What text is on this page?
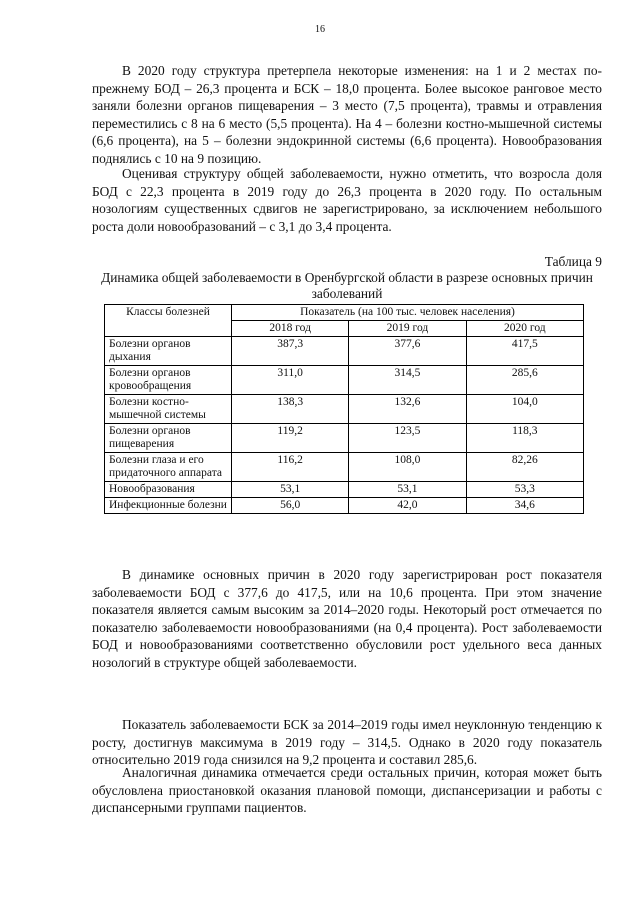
16

В 2020 году структура претерпела некоторые изменения: на 1 и 2 местах по-прежнему БОД – 26,3 процента и БСК – 18,0 процента. Более высокое ранговое место заняли болезни органов пищеварения – 3 место (7,5 процента), травмы и отравления переместились с 8 на 6 место (5,5 процента). На 4 – болезни костно-мышечной системы (6,6 процента), на 5 – болезни эндокринной системы (6,6 процента). Новообразования поднялись с 10 на 9 позицию.

Оценивая структуру общей заболеваемости, нужно отметить, что возросла доля БОД с 22,3 процента в 2019 году до 26,3 процента в 2020 году. По остальным нозологиям существенных сдвигов не зарегистрировано, за исключением небольшого роста доли новообразований – с 3,1 до 3,4 процента.

Таблица 9
Динамика общей заболеваемости в Оренбургской области в разрезе основных причин заболеваний
Классы болезней	Показатель (на 100 тыс. человек населения)		
	2018 год	2019 год	2020 год
Болезни органов дыхания	387,3	377,6	417,5
Болезни органов кровообращения	311,0	314,5	285,6
Болезни костно-мышечной системы	138,3	132,6	104,0
Болезни органов пищеварения	119,2	123,5	118,3
Болезни глаза и его придаточного аппарата	116,2	108,0	82,26
Новообразования	53,1	53,1	53,3
Инфекционные болезни	56,0	42,0	34,6

В динамике основных причин в 2020 году зарегистрирован рост показателя заболеваемости БОД с 377,6 до 417,5, или на 10,6 процента. При этом значение показателя является самым высоким за 2014–2020 годы. Некоторый рост отмечается по показателю заболеваемости новообразованиями (на 0,4 процента). Рост заболеваемости БОД и новообразованиями соответственно обусловили рост удельного веса данных нозологий в структуре общей заболеваемости.

Показатель заболеваемости БСК за 2014–2019 годы имел неуклонную тенденцию к росту, достигнув максимума в 2019 году – 314,5. Однако в 2020 году показатель относительно 2019 года снизился на 9,2 процента и составил 285,6.

Аналогичная динамика отмечается среди остальных причин, которая может быть обусловлена приостановкой оказания плановой помощи, диспансеризации и работы с диспансерными группами пациентов.
